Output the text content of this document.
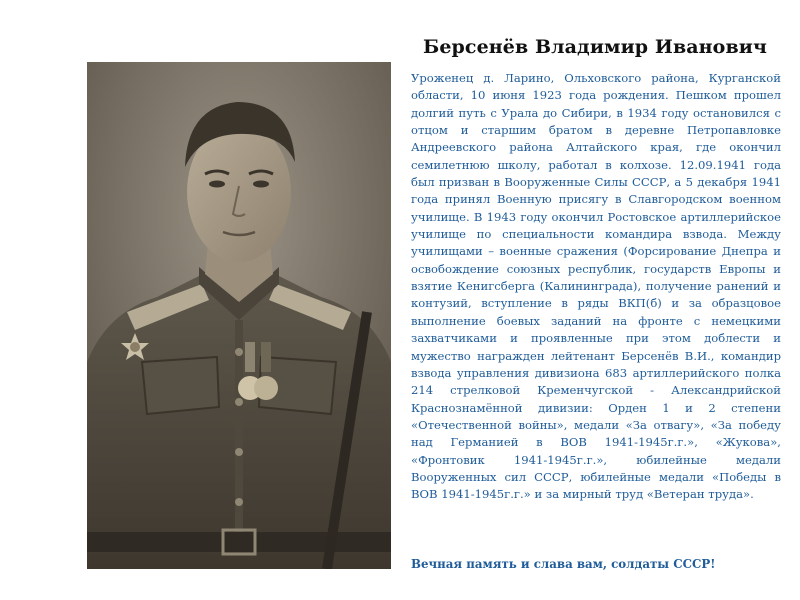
Берсенёв Владимир Иванович

Уроженец д. Ларино, Ольховского района, Курганской области, 10 июня 1923 года рождения. Пешком прошел долгий путь с Урала до Сибири, в 1934 году остановился с отцом и старшим братом в деревне Петропавловке Андреевского района Алтайского края, где окончил семилетнюю школу, работал в колхозе. 12.09.1941 года был призван в Вооруженные Силы СССР, а 5 декабря 1941 года принял Военную присягу в Славгородском военном училище. В 1943 году окончил Ростовское артиллерийское училище по специальности командира взвода. Между училищами – военные сражения (Форсирование Днепра и освобождение союзных республик, государств Европы и взятие Кенигсберга (Калининграда), получение ранений и контузий, вступление в ряды ВКП(б) и за образцовое выполнение боевых заданий на фронте с немецкими захватчиками и проявленные при этом доблести и мужество награжден лейтенант Берсенёв В.И., командир взвода управления дивизиона 683 артиллерийского полка 214 стрелковой Кременчугской - Александрийской Краснознамённой дивизии: Орден 1 и 2 степени «Отечественной войны», медали «За отвагу», «За победу над Германией в ВОВ 1941-1945г.г.», «Жукова», «Фронтовик 1941-1945г.г.», юбилейные медали Вооруженных сил СССР, юбилейные медали «Победы в ВОВ 1941-1945г.г.» и за мирный труд «Ветеран труда».

Вечная память и слава вам, солдаты СССР!
